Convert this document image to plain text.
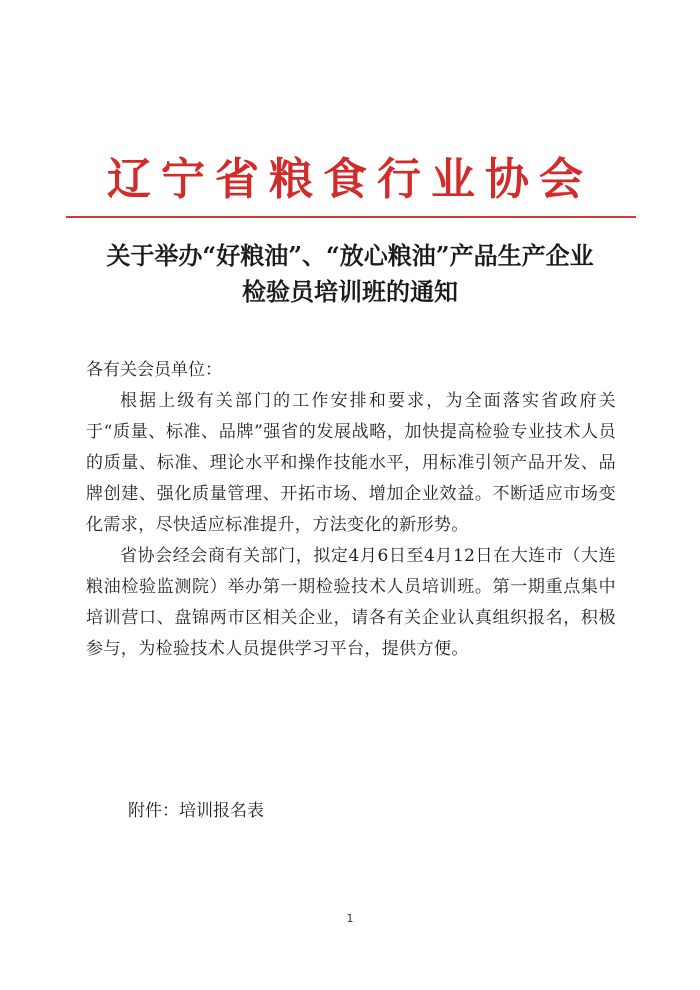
辽宁省粮食行业协会
关于举办“好粮油”、“放心粮油”产品生产企业
检验员培训班的通知
各有关会员单位：
根据上级有关部门的工作安排和要求，为全面落实省政府关于“质量、标准、品牌”强省的发展战略，加快提高检验专业技术人员的质量、标准、理论水平和操作技能水平，用标准引领产品开发、品牌创建、强化质量管理、开拓市场、增加企业效益。不断适应市场变化需求，尽快适应标准提升，方法变化的新形势。
省协会经会商有关部门，拟定4月6日至4月12日在大连市（大连粮油检验监测院）举办第一期检验技术人员培训班。第一期重点集中培训营口、盘锦两市区相关企业，请各有关企业认真组织报名，积极参与，为检验技术人员提供学习平台，提供方便。
附件：培训报名表
1
